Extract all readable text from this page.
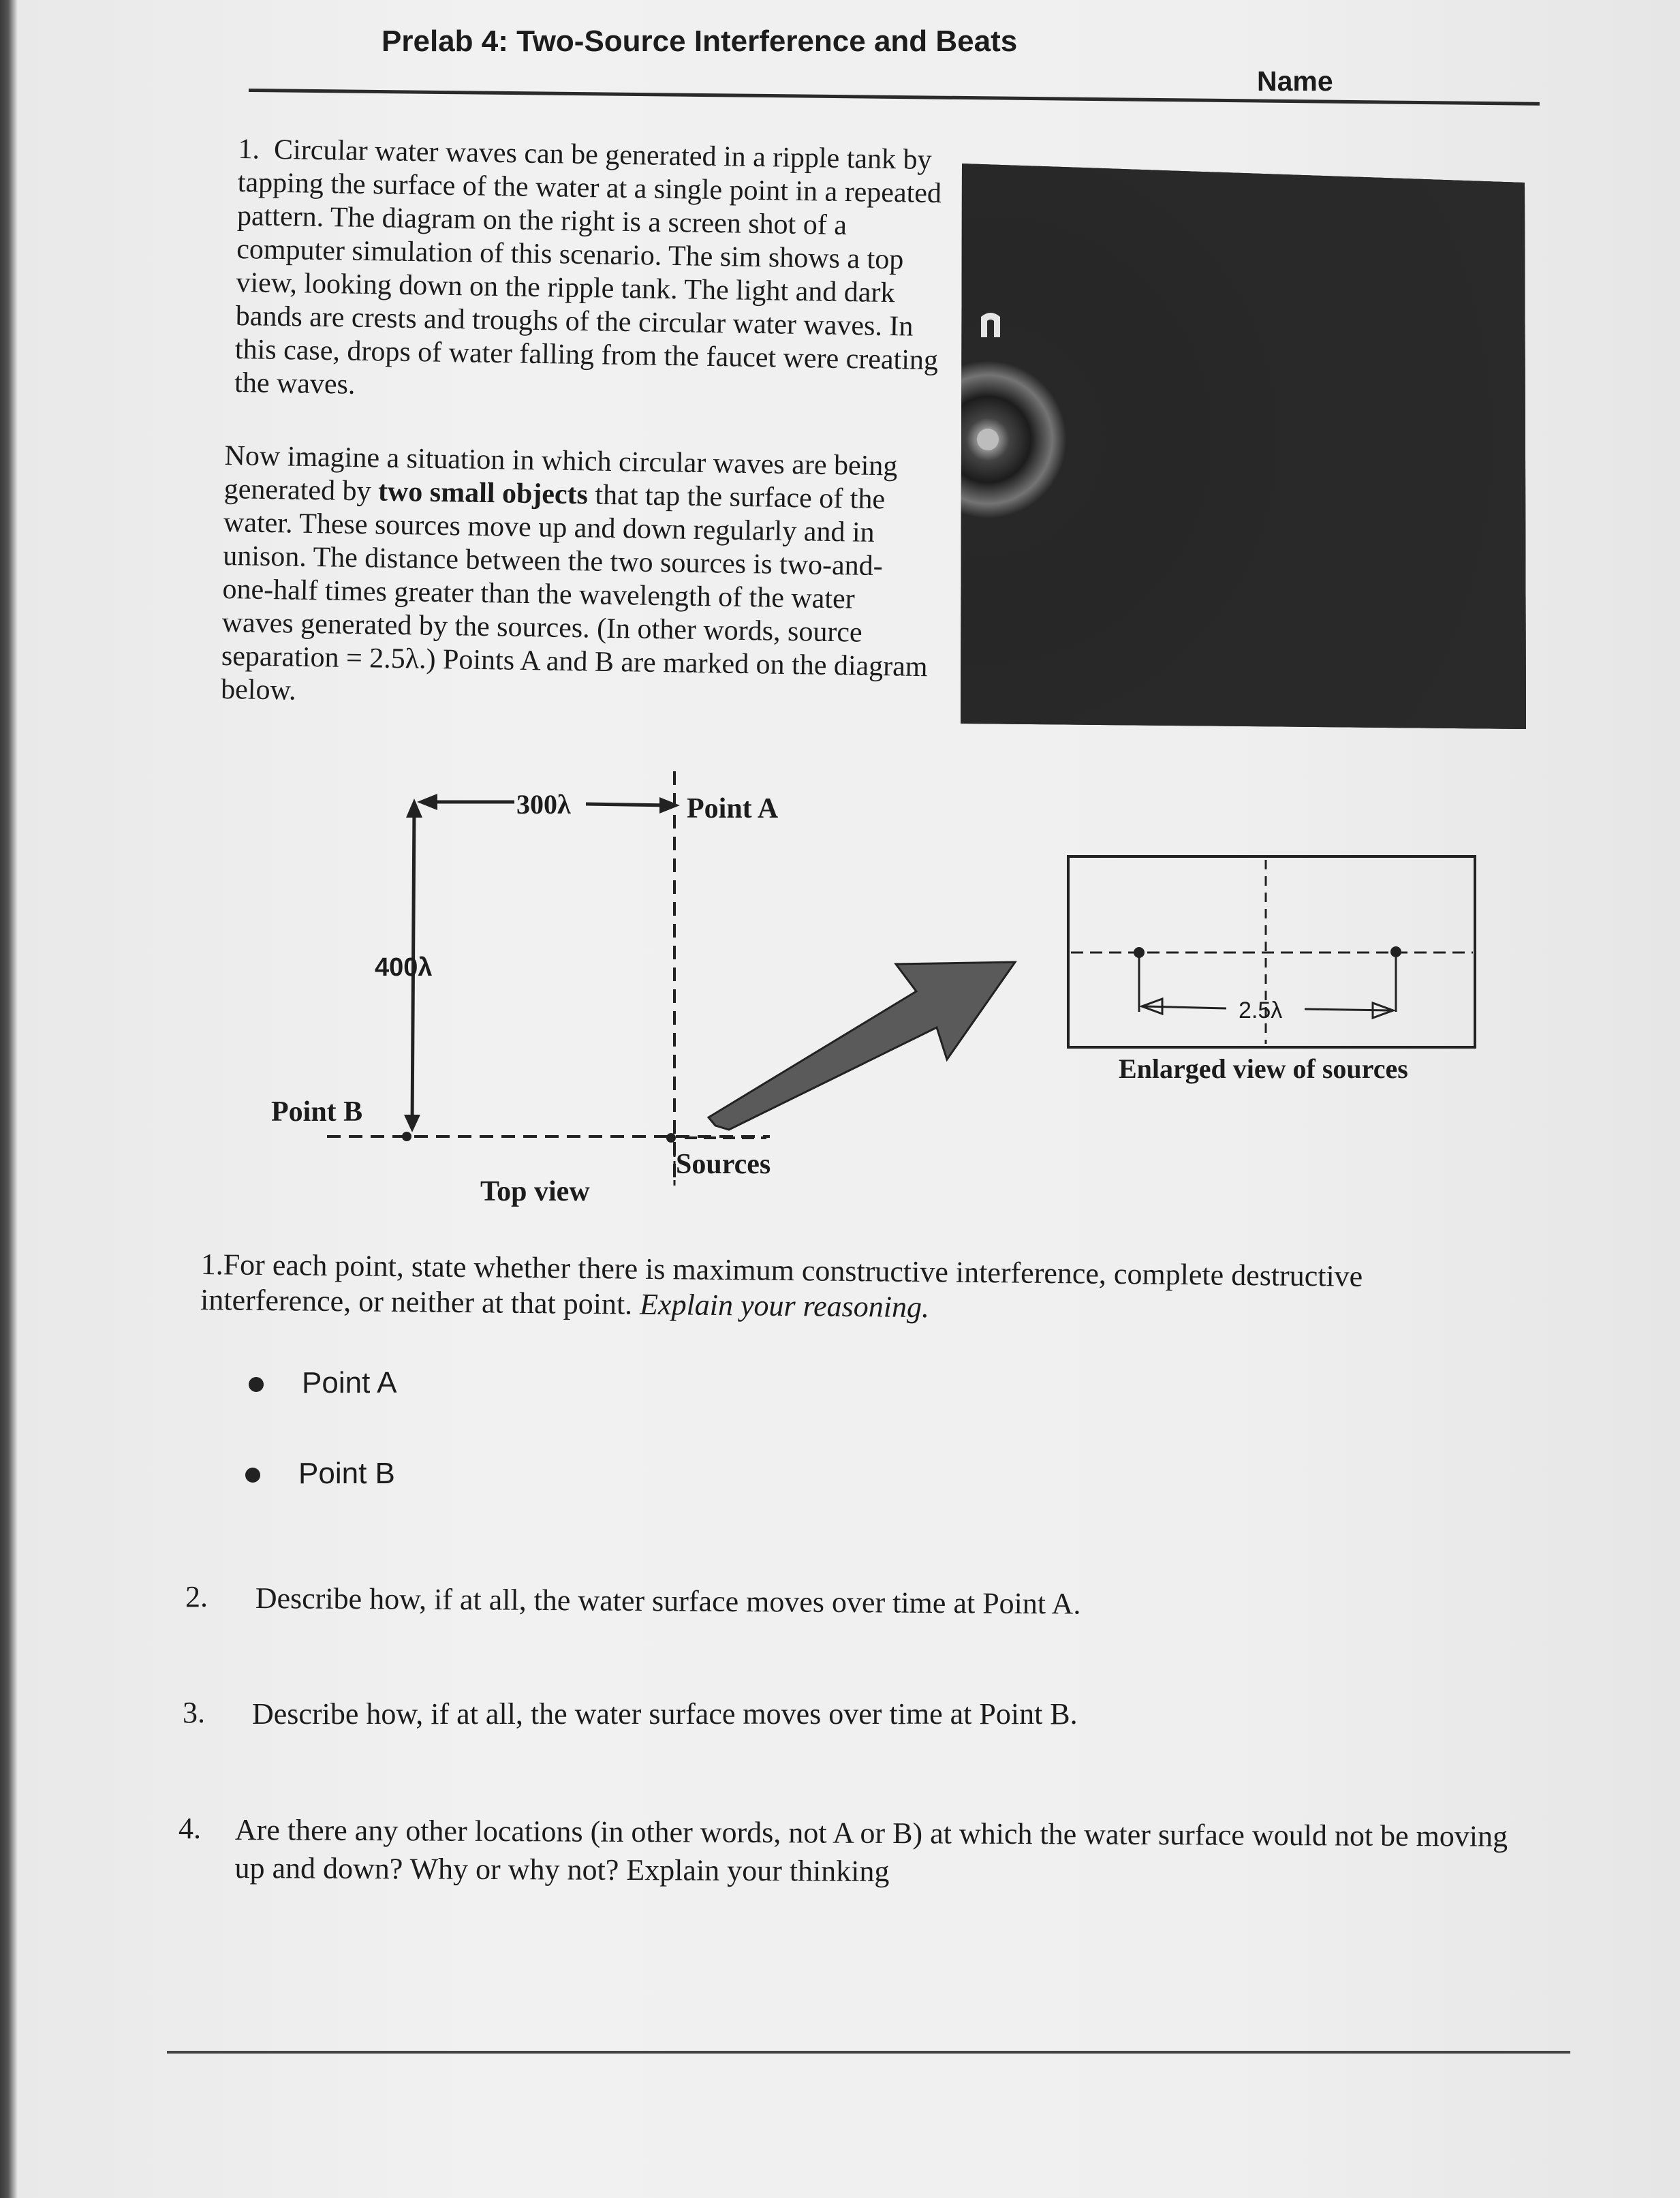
Prelab 4: Two-Source Interference and Beats
Name

1. Circular water waves can be generated in a ripple tank by tapping the surface of the water at a single point in a repeated pattern. The diagram on the right is a screen shot of a computer simulation of this scenario. The sim shows a top view, looking down on the ripple tank. The light and dark bands are crests and troughs of the circular water waves. In this case, drops of water falling from the faucet were creating the waves.

Now imagine a situation in which circular waves are being generated by two small objects that tap the surface of the water. These sources move up and down regularly and in unison. The distance between the two sources is two-and-one-half times greater than the wavelength of the water waves generated by the sources. (In other words, source separation = 2.5λ.) Points A and B are marked on the diagram below.

300λ
400λ
Point A
Point B
Sources
Top view
2.5λ
Enlarged view of sources
1.For each point, state whether there is maximum constructive interference, complete destructive interference, or neither at that point. Explain your reasoning.
Point A
Point B
2. Describe how, if at all, the water surface moves over time at Point A.
3. Describe how, if at all, the water surface moves over time at Point B.
4. Are there any other locations (in other words, not A or B) at which the water surface would not be moving up and down? Why or why not? Explain your thinking
